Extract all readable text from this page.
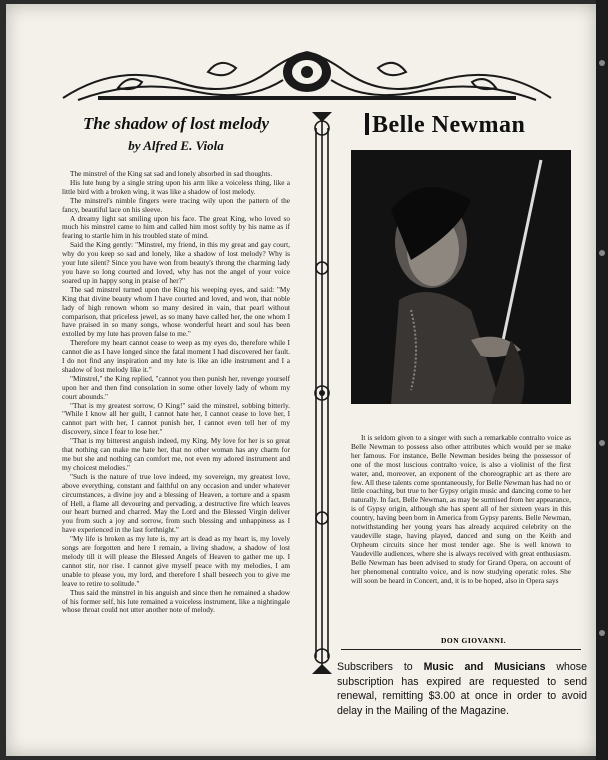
The shadow of lost melody
by Alfred E. Viola

The minstrel of the King sat sad and lonely absorbed in sad thoughts.

His lute hung by a single string upon his arm like a voiceless thing, like a little bird with a broken wing, it was like a shadow of lost melody.

The minstrel's nimble fingers were tracing wily upon the pattern of the fancy, beautiful lace on his sleeve.

A dreamy light sat smiling upon his face. The great King, who loved so much his minstrel came to him and called him most softly by his name as if fearing to startle him in his troubled state of mind.

Said the King gently: "Minstrel, my friend, in this my great and gay court, why do you keep so sad and lonely, like a shadow of lost melody? Why is your lute silent? Since you have won from beauty's throng the charming lady you have so long courted and loved, why has not the angel of your voice soared up in happy song in praise of her?"

The sad minstrel turned upon the King his weeping eyes, and said: "My King that divine beauty whom I have courted and loved, and won, that noble lady of high renown whom so many desired in vain, that pearl without comparison, that priceless jewel, as so many have called her, the one whom I have praised in so many songs, whose wonderful heart and soul has been extolled by my lute has proven false to me."

Therefore my heart cannot cease to weep as my eyes do, therefore while I cannot die as I have longed since the fatal moment I had discovered her fault. I do not find any inspiration and my lute is like an idle instrument and I a shadow of lost melody like it."

"Minstrel," the King replied, "cannot you then punish her, revenge yourself upon her and then find consolation in some other lovely lady of whom my court abounds."

"That is my greatest sorrow, O King!" said the minstrel, sobbing bitterly. "While I know all her guilt, I cannot hate her, I cannot cease to love her, I cannot part with her, I cannot punish her, I cannot even tell her of my discovery, since I fear to lose her."

"That is my bitterest anguish indeed, my King. My love for her is so great that nothing can make me hate her, that no other woman has any charm for me but she and nothing can comfort me, not even my adored instrument and my choicest melodies."

"Such is the nature of true love indeed, my sovereign, my greatest love, above everything, constant and faithful on any occasion and under whatever circumstances, a divine joy and a blessing of Heaven, a torture and a spasm of Hell, a flame all devouring and pervading, a destructive fire which leaves our heart burned and charred. May the Lord and the Blessed Virgin deliver you from such a joy and sorrow, from such blessing and unhappiness as I have experienced in the last forthnight."

"My life is broken as my lute is, my art is dead as my heart is, my lovely songs are forgotten and here I remain, a living shadow, a shadow of lost melody till it will please the Blessed Angels of Heaven to gather me up. I cannot stir, nor rise. I cannot give myself peace with my melodies, I am unable to please you, my lord, and therefore I shall beseech you to give me leave to retire to solitude."

Thus said the minstrel in his anguish and since then he remained a shadow of his former self, his lute remained a voiceless instrument, like a nightingale whose throat could not utter another note of melody.

Belle Newman

It is seldom given to a singer with such a remarkable contralto voice as Belle Newman to possess also other attributes which would per se make her famous. For instance, Belle Newman besides being the possessor of one of the most luscious contralto voice, is also a violinist of the first water, and, moreover, an exponent of the choreographic art as there are few. All these talents come spontaneously, for Belle Newman has had no or little coaching, but true to her Gypsy origin music and dancing come to her naturally. In fact, Belle Newman, as may be surmised from her appearance, is of Gypsy origin, although she has spent all of her sixteen years in this country, having been born in America from Gypsy parents. Belle Newman, notwithstanding her young years has already acquired celebrity on the vaudeville stage, having played, danced and sung on the Keith and Orpheum circuits since her most tender age. She is well known to Vaudeville audiences, where she is always received with great enthusiasm. Belle Newman has been advised to study for Grand Opera, on account of her phenomenal contralto voice, and is now studying operatic roles. She will soon be heard in Concert, and, it is to be hoped, also in Opera says

DON GIOVANNI.
Subscribers to Music and Musicians whose subscription has expired are requested to send renewal, remitting $3.00 at once in order to avoid delay in the Mailing of the Magazine.
